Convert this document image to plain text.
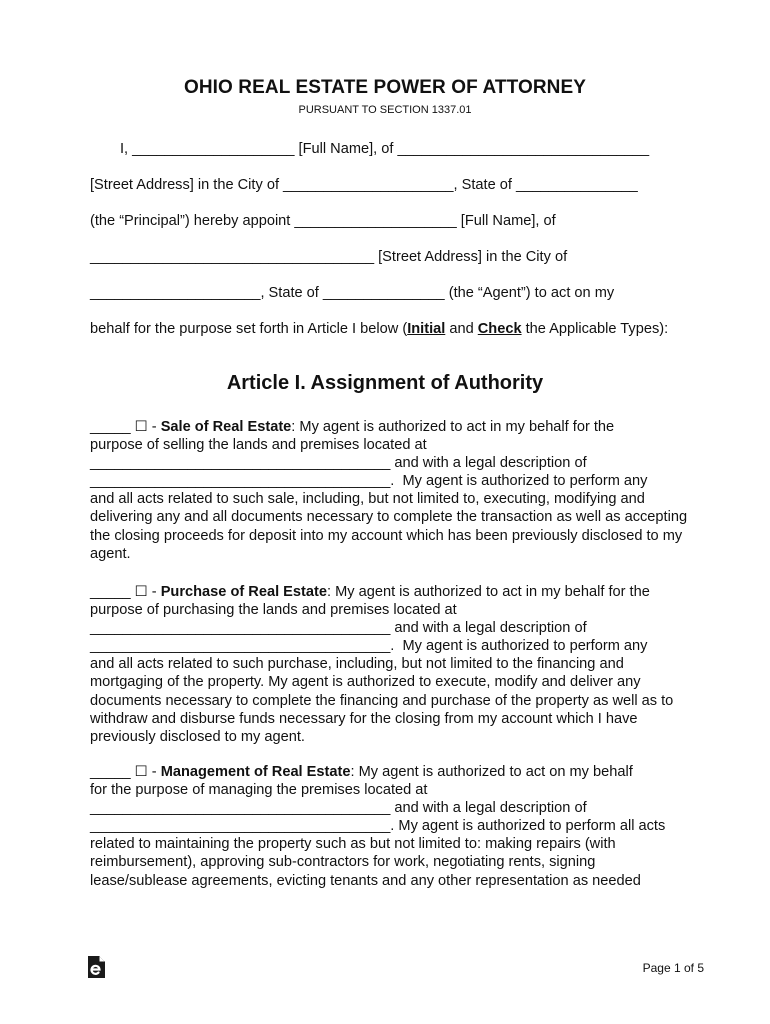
OHIO REAL ESTATE POWER OF ATTORNEY
PURSUANT TO SECTION 1337.01
I, ____________________ [Full Name], of _______________________________
[Street Address] in the City of _____________________, State of _______________
(the “Principal”) hereby appoint ____________________ [Full Name], of
___________________________________ [Street Address] in the City of
_____________________, State of _______________ (the “Agent”) to act on my
behalf for the purpose set forth in Article I below (Initial and Check the Applicable Types):
Article I. Assignment of Authority
_____ ☐ - Sale of Real Estate: My agent is authorized to act in my behalf for the
purpose of selling the lands and premises located at
_____________________________________ and with a legal description of
_____________________________________.  My agent is authorized to perform any
and all acts related to such sale, including, but not limited to, executing, modifying and delivering any and all documents necessary to complete the transaction as well as accepting the closing proceeds for deposit into my account which has been previously disclosed to my agent.
_____ ☐ - Purchase of Real Estate: My agent is authorized to act in my behalf for the
purpose of purchasing the lands and premises located at
_____________________________________ and with a legal description of
_____________________________________.  My agent is authorized to perform any
and all acts related to such purchase, including, but not limited to the financing and mortgaging of the property. My agent is authorized to execute, modify and deliver any documents necessary to complete the financing and purchase of the property as well as to withdraw and disburse funds necessary for the closing from my account which I have previously disclosed to my agent.
_____ ☐ - Management of Real Estate: My agent is authorized to act on my behalf
for the purpose of managing the premises located at
_____________________________________ and with a legal description of
_____________________________________. My agent is authorized to perform all acts
related to maintaining the property such as but not limited to: making repairs (with reimbursement), approving sub-contractors for work, negotiating rents, signing lease/sublease agreements, evicting tenants and any other representation as needed
Page 1 of 5
